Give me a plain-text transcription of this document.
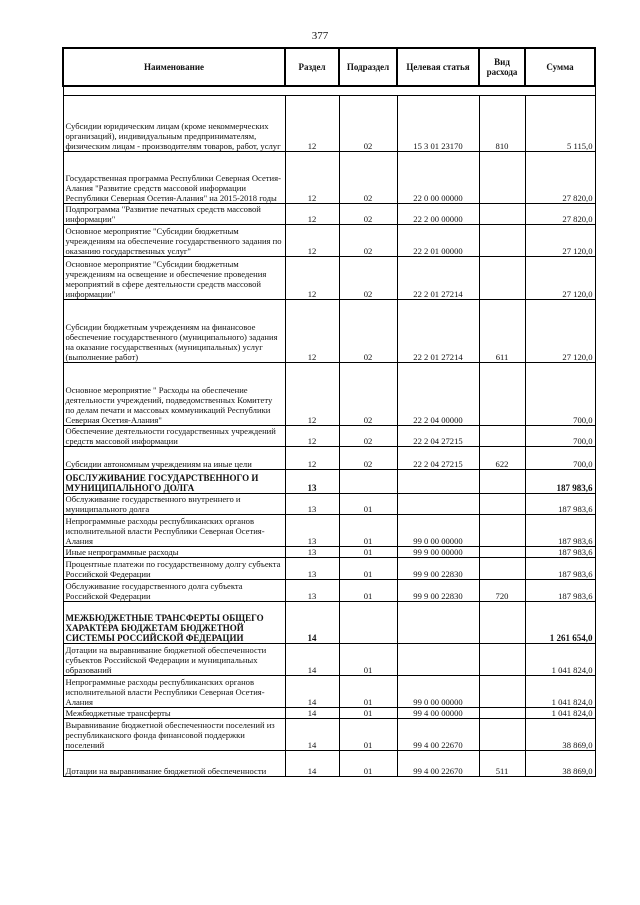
377
Наименование	Раздел	Подраздел	Целевая статья	Вид расхода	Сумма

Субсидии юридическим лицам (кроме некоммерческих организаций), индивидуальным предпринимателям, физическим лицам - производителям товаров, работ, услуг	12	02	15 3 01 23170	810	5 115,0
Государственная программа Республики Северная Осетия-Алания "Развитие средств массовой информации Республики Северная Осетия-Алания" на 2015-2018 годы	12	02	22 0 00 00000		27 820,0
Подпрограмма "Развитие печатных средств массовой информации"	12	02	22 2 00 00000		27 820,0
Основное мероприятие "Субсидии бюджетным учреждениям на обеспечение государственного задания по оказанию государственных услуг"	12	02	22 2 01 00000		27 120,0
Основное мероприятие "Субсидии бюджетным учреждениям на освещение и обеспечение проведения мероприятий в сфере деятельности средств массовой информации"	12	02	22 2 01 27214		27 120,0
Субсидии бюджетным учреждениям на финансовое обеспечение государственного (муниципального) задания на оказание государственных (муниципальных) услуг (выполнение работ)	12	02	22 2 01 27214	611	27 120,0
Основное мероприятие " Расходы на обеспечение деятельности учреждений, подведомственных Комитету по делам печати и массовых коммуникаций Республики Северная Осетия-Алания"	12	02	22 2 04 00000		700,0
Обеспечение деятельности государственных учреждений средств массовой информации	12	02	22 2 04 27215		700,0
Субсидии автономным учреждениям на иные цели	12	02	22 2 04 27215	622	700,0
ОБСЛУЖИВАНИЕ ГОСУДАРСТВЕННОГО И МУНИЦИПАЛЬНОГО ДОЛГА	13				187 983,6
Обслуживание государственного внутреннего и муниципального долга	13	01			187 983,6
Непрограммные расходы республиканских органов исполнительной власти Республики Северная Осетия-Алания	13	01	99 0 00 00000		187 983,6
Иные непрограммные расходы	13	01	99 9 00 00000		187 983,6
Процентные платежи по государственному долгу субъекта Российской Федерации	13	01	99 9 00 22830		187 983,6
Обслуживание государственного долга субъекта Российской Федерации	13	01	99 9 00 22830	720	187 983,6
МЕЖБЮДЖЕТНЫЕ ТРАНСФЕРТЫ ОБЩЕГО ХАРАКТЕРА БЮДЖЕТАМ БЮДЖЕТНОЙ СИСТЕМЫ РОССИЙСКОЙ ФЕДЕРАЦИИ	14				1 261 654,0
Дотации на выравнивание бюджетной обеспеченности субъектов Российской Федерации и муниципальных образований	14	01			1 041 824,0
Непрограммные расходы республиканских органов исполнительной власти Республики Северная Осетия-Алания	14	01	99 0 00 00000		1 041 824,0
Межбюджетные трансферты	14	01	99 4 00 00000		1 041 824,0
Выравнивание бюджетной обеспеченности поселений из республиканского фонда финансовой поддержки поселений	14	01	99 4 00 22670		38 869,0
Дотации на выравнивание бюджетной обеспеченности	14	01	99 4 00 22670	511	38 869,0
